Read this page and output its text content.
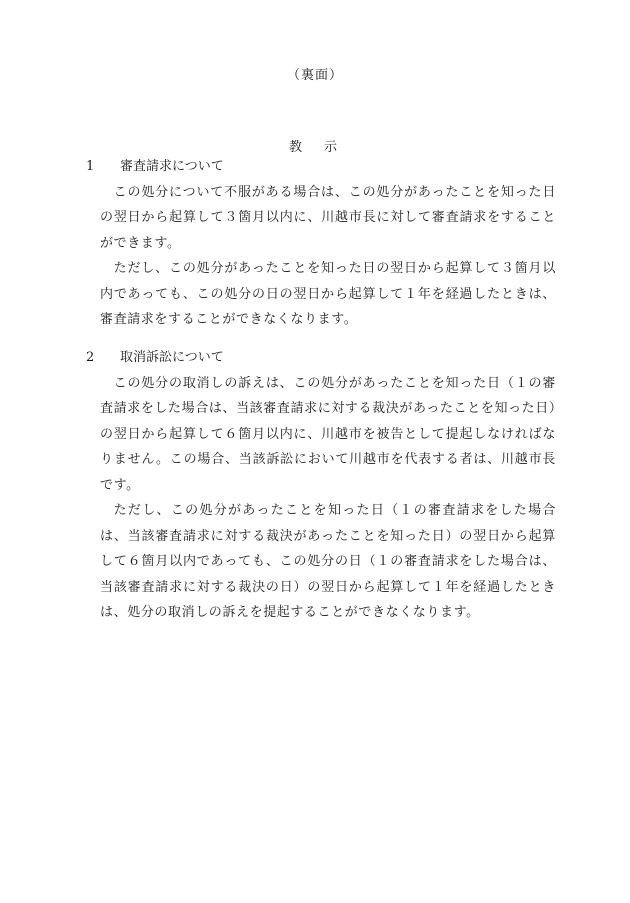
（裏面）
教示
1	審査請求について
この処分について不服がある場合は、この処分があったことを知った日の翌日から起算して３箇月以内に、川越市長に対して審査請求をすることができます。
ただし、この処分があったことを知った日の翌日から起算して３箇月以内であっても、この処分の日の翌日から起算して１年を経過したときは、審査請求をすることができなくなります。
2	取消訴訟について
この処分の取消しの訴えは、この処分があったことを知った日（１の審査請求をした場合は、当該審査請求に対する裁決があったことを知った日）の翌日から起算して６箇月以内に、川越市を被告として提起しなければなりません。この場合、当該訴訟において川越市を代表する者は、川越市長です。
ただし、この処分があったことを知った日（１の審査請求をした場合は、当該審査請求に対する裁決があったことを知った日）の翌日から起算して６箇月以内であっても、この処分の日（１の審査請求をした場合は、当該審査請求に対する裁決の日）の翌日から起算して１年を経過したときは、処分の取消しの訴えを提起することができなくなります。
